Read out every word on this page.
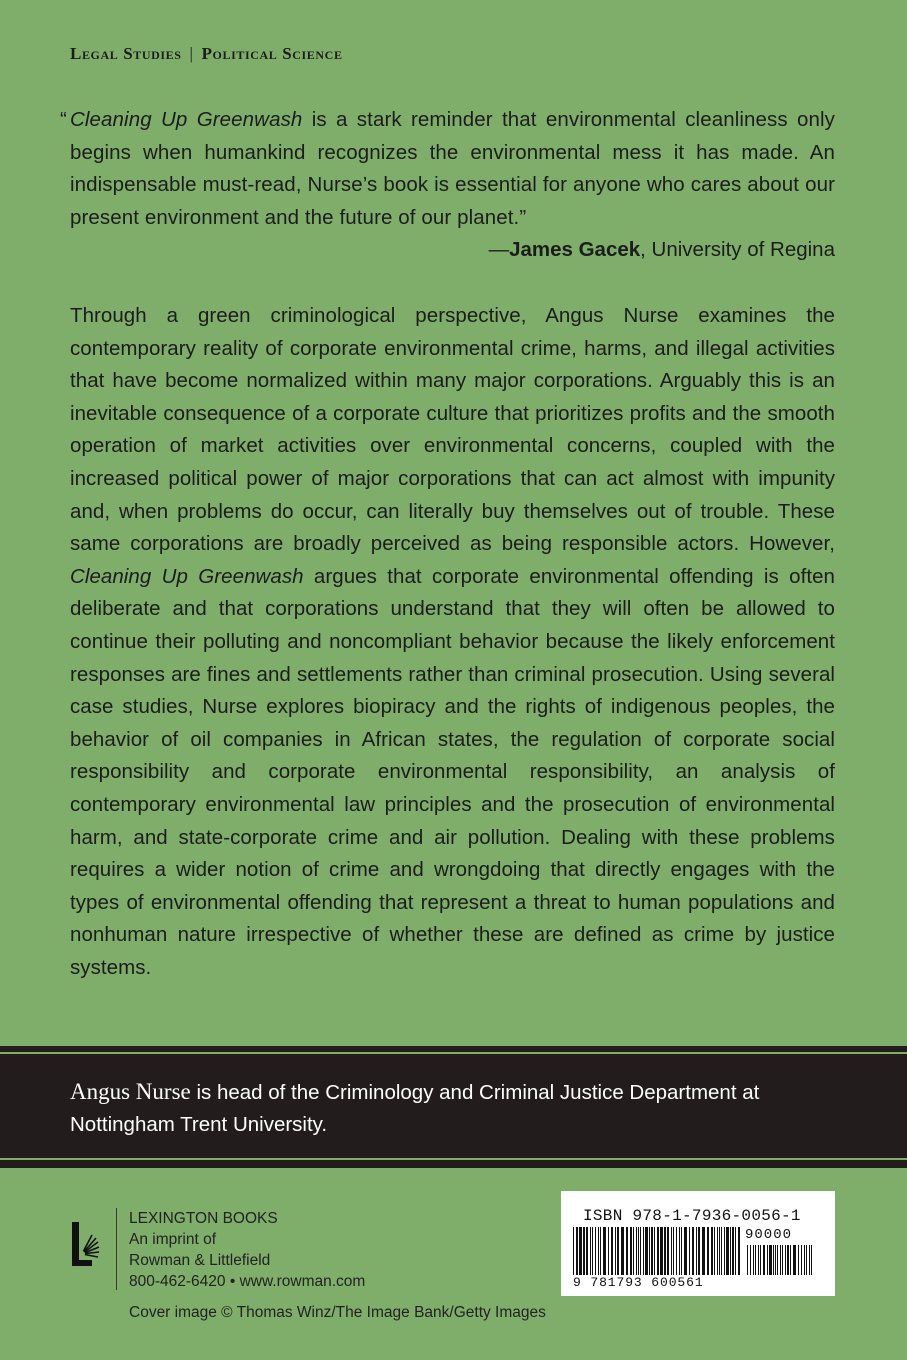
Legal Studies | Political Science
“ Cleaning Up Greenwash is a stark reminder that environmental cleanliness only begins when humankind recognizes the environmental mess it has made. An indispensable must-read, Nurse’s book is essential for anyone who cares about our present environment and the future of our planet.”
—James Gacek, University of Regina
Through a green criminological perspective, Angus Nurse examines the contemporary reality of corporate environmental crime, harms, and illegal activities that have become normalized within many major corporations. Arguably this is an inevitable consequence of a corporate culture that prioritizes profits and the smooth operation of market activities over environmental concerns, coupled with the increased political power of major corporations that can act almost with impunity and, when problems do occur, can literally buy themselves out of trouble. These same corporations are broadly perceived as being responsible actors. However, Cleaning Up Greenwash argues that corporate environmental offending is often deliberate and that corporations understand that they will often be allowed to continue their polluting and noncompliant behavior because the likely enforcement responses are fines and settlements rather than criminal prosecution. Using several case studies, Nurse explores biopiracy and the rights of indigenous peoples, the behavior of oil companies in African states, the regulation of corporate social responsibility and corporate environmental responsibility, an analysis of contemporary environmental law principles and the prosecution of environmental harm, and state-corporate crime and air pollution. Dealing with these problems requires a wider notion of crime and wrongdoing that directly engages with the types of environmental offending that represent a threat to human populations and nonhuman nature irrespective of whether these are defined as crime by justice systems.
Angus Nurse is head of the Criminology and Criminal Justice Department at Nottingham Trent University.
LEXINGTON BOOKS
An imprint of
Rowman & Littlefield
800-462-6420 • www.rowman.com
Cover image © Thomas Winz/The Image Bank/Getty Images
ISBN 978-1-7936-0056-1
90000
9 781793 600561
